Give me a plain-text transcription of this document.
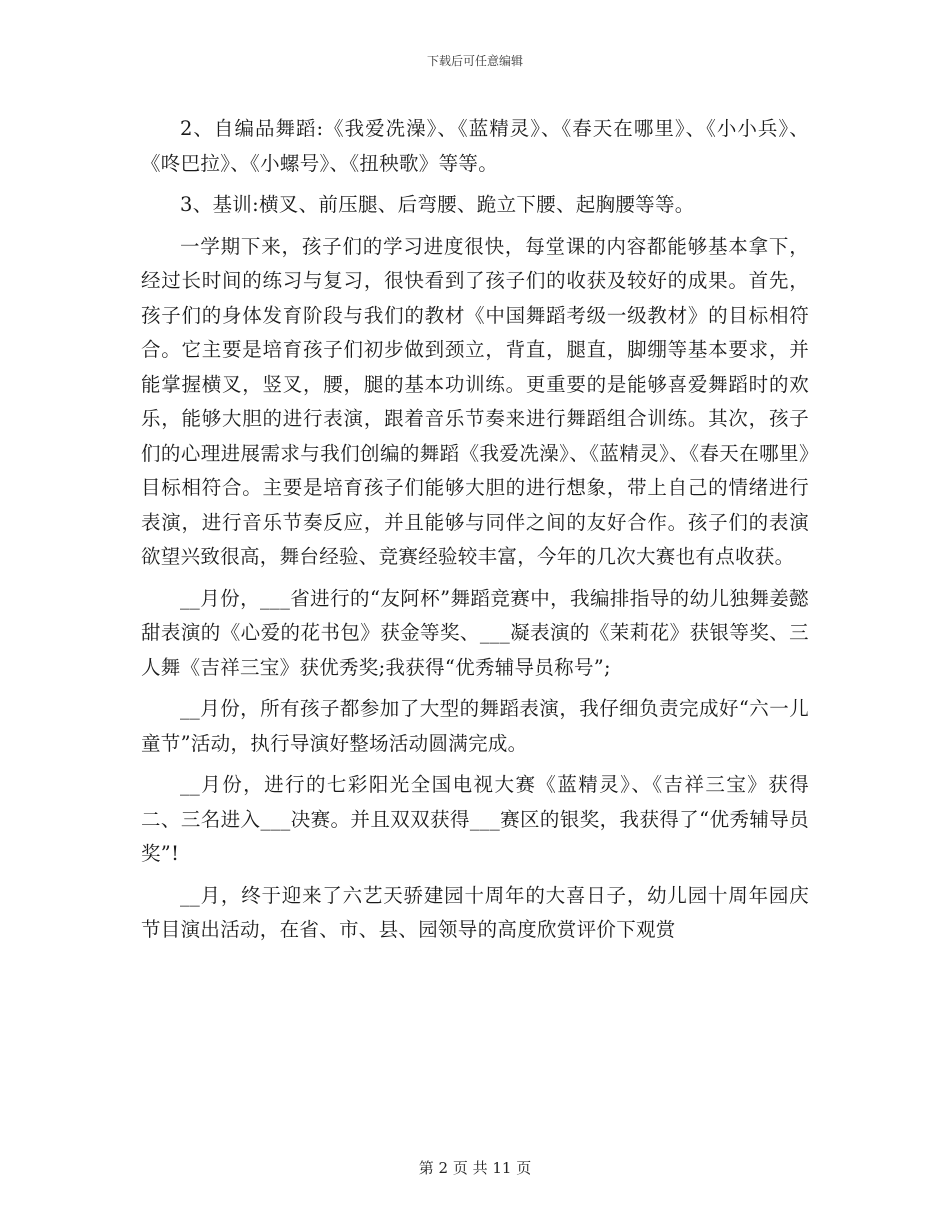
下载后可任意编辑

2、自编品舞蹈:《我爱冼澡》、《蓝精灵》、《春天在哪里》、《小小兵》、《咚巴拉》、《小螺号》、《扭秧歌》等等。

3、基训:横叉、前压腿、后弯腰、跪立下腰、起胸腰等等。

一学期下来，孩子们的学习进度很快，每堂课的内容都能够基本拿下，经过长时间的练习与复习，很快看到了孩子们的收获及较好的成果。首先，孩子们的身体发育阶段与我们的教材《中国舞蹈考级一级教材》的目标相符合。它主要是培育孩子们初步做到颈立，背直，腿直，脚绷等基本要求，并能掌握横叉，竖叉，腰，腿的基本功训练。更重要的是能够喜爱舞蹈时的欢乐，能够大胆的进行表演，跟着音乐节奏来进行舞蹈组合训练。其次，孩子们的心理进展需求与我们创编的舞蹈《我爱冼澡》、《蓝精灵》、《春天在哪里》目标相符合。主要是培育孩子们能够大胆的进行想象，带上自己的情绪进行表演，进行音乐节奏反应，并且能够与同伴之间的友好合作。孩子们的表演欲望兴致很高，舞台经验、竞赛经验较丰富，今年的几次大赛也有点收获。

__月份，___省进行的“友阿杯”舞蹈竞赛中，我编排指导的幼儿独舞姜懿甜表演的《心爱的花书包》获金等奖、___凝表演的《茉莉花》获银等奖、三人舞《吉祥三宝》获优秀奖;我获得“优秀辅导员称号”;

__月份，所有孩子都参加了大型的舞蹈表演，我仔细负责完成好“六一儿童节”活动，执行导演好整场活动圆满完成。

__月份，进行的七彩阳光全国电视大赛《蓝精灵》、《吉祥三宝》获得二、三名进入___决赛。并且双双获得___赛区的银奖，我获得了“优秀辅导员奖”!

__月，终于迎来了六艺天骄建园十周年的大喜日子，幼儿园十周年园庆节目演出活动，在省、市、县、园领导的高度欣赏评价下观赏

第 2 页 共 11 页
